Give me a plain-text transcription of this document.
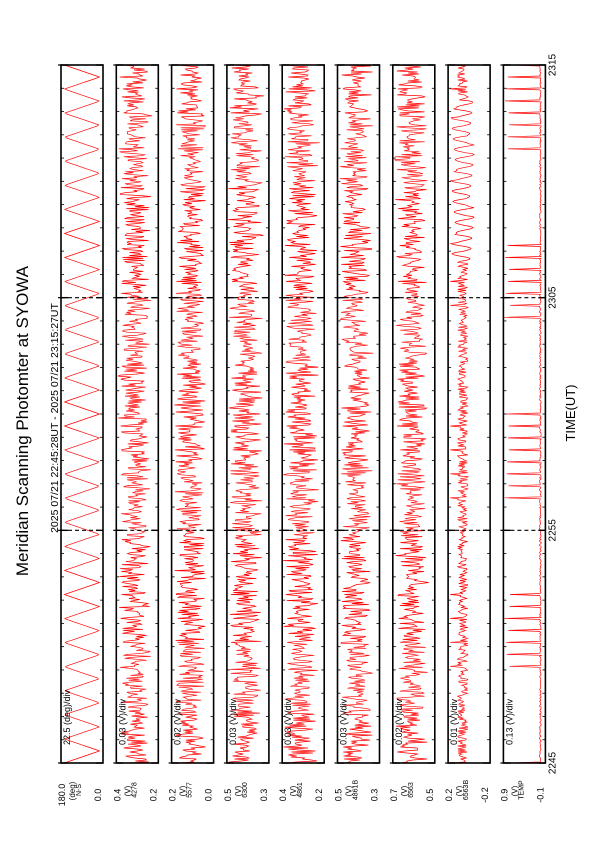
Meridian Scanning Photomter at SYOWA 2025 07/21 22:45:28UT - 2025 07/21 23:15:27UT	TIME(UT)
180.0	0.0
N-S
(deg)
22.5 (deg)/div
0.4	0.2
4278
(V)
0.03 (V)/div
0.2	0.0
5577
(V)
0.02 (V)/div
0.5	0.3
6300
(V)
0.03 (V)/div
0.4	0.2
4861
(V)
0.03 (V)/div
0.5	0.3
4861B
(V)
0.03 (V)/div
0.7	0.5
6563
(V)
0.02 (V)/div
0.2	-0.2
6563B
(V)
0.01 (V)/div
0.9	-0.1
TEMP
(V)
0.13 (V)/div
2245
2255
2305
2315
